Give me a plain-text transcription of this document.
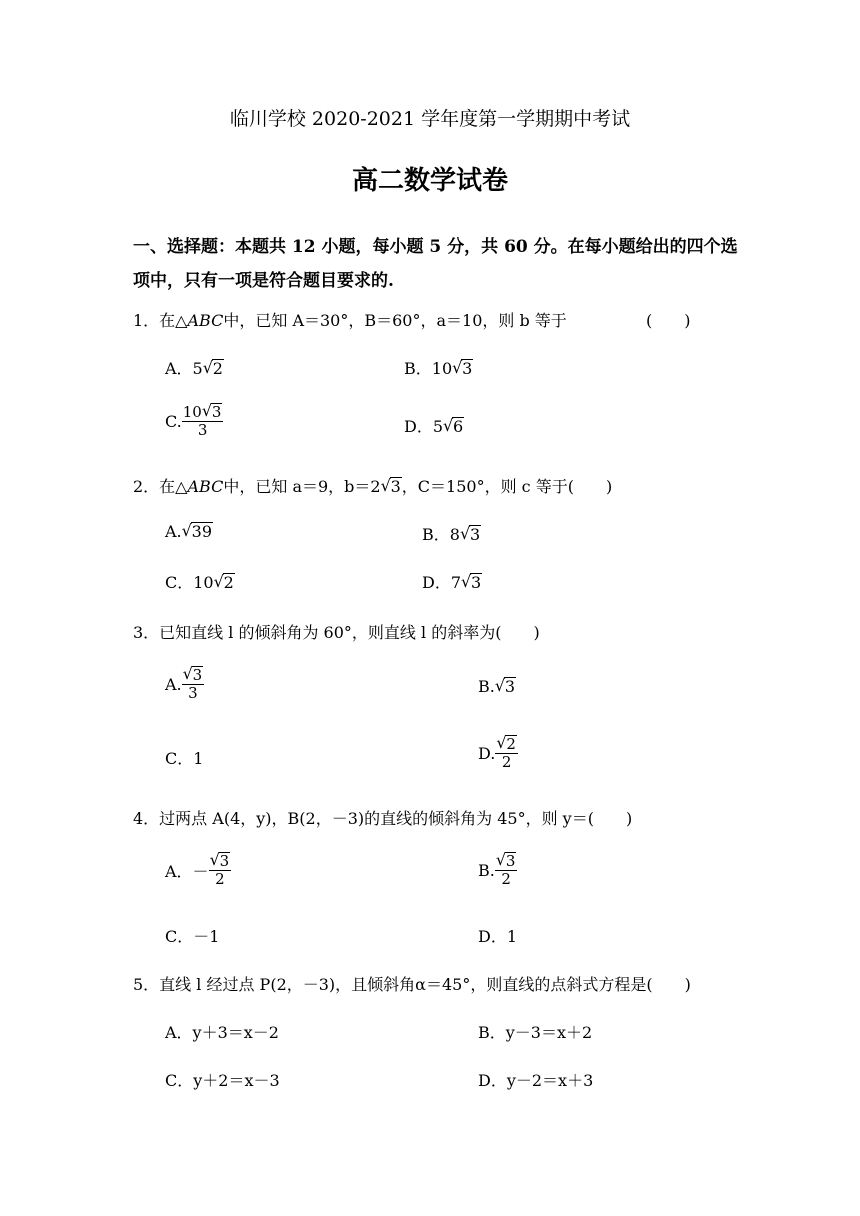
临川学校 2020-2021 学年度第一学期期中考试
高二数学试卷
一、选择题：本题共 12 小题，每小题 5 分，共 60 分。在每小题给出的四个选
项中，只有一项是符合题目要求的.
1．在△ABC中，已知 A＝30°，B＝60°，a＝10，则 b 等于	(　　)
A．5 √ 2	B．10 √ 3
C. $\frac{10 √ 3}{3}$	D．5 √ 6
2．在△ABC中，已知 a＝9，b＝2 √ 3，C＝150°，则 c 等于(　　)
A. √ 39	B．8 √ 3
C．10 √ 2	D．7 √ 3
3．已知直线 l 的倾斜角为 60°，则直线 l 的斜率为(　　)
A. $\frac{√ 3}{3}$	B. √ 3
C．1	D. $\frac{√ 2}{2}$
4．过两点 A(4，y)，B(2，－3)的直线的倾斜角为 45°，则 y＝(　　)
A．－ $\frac{√ 3}{2}$	B. $\frac{√ 3}{2}$
C．－1	D．1
5．直线 l 经过点 P(2，－3)，且倾斜角α＝45°，则直线的点斜式方程是(　　)
A．y＋3＝x－2	B．y－3＝x＋2
C．y＋2＝x－3	D．y－2＝x＋3
